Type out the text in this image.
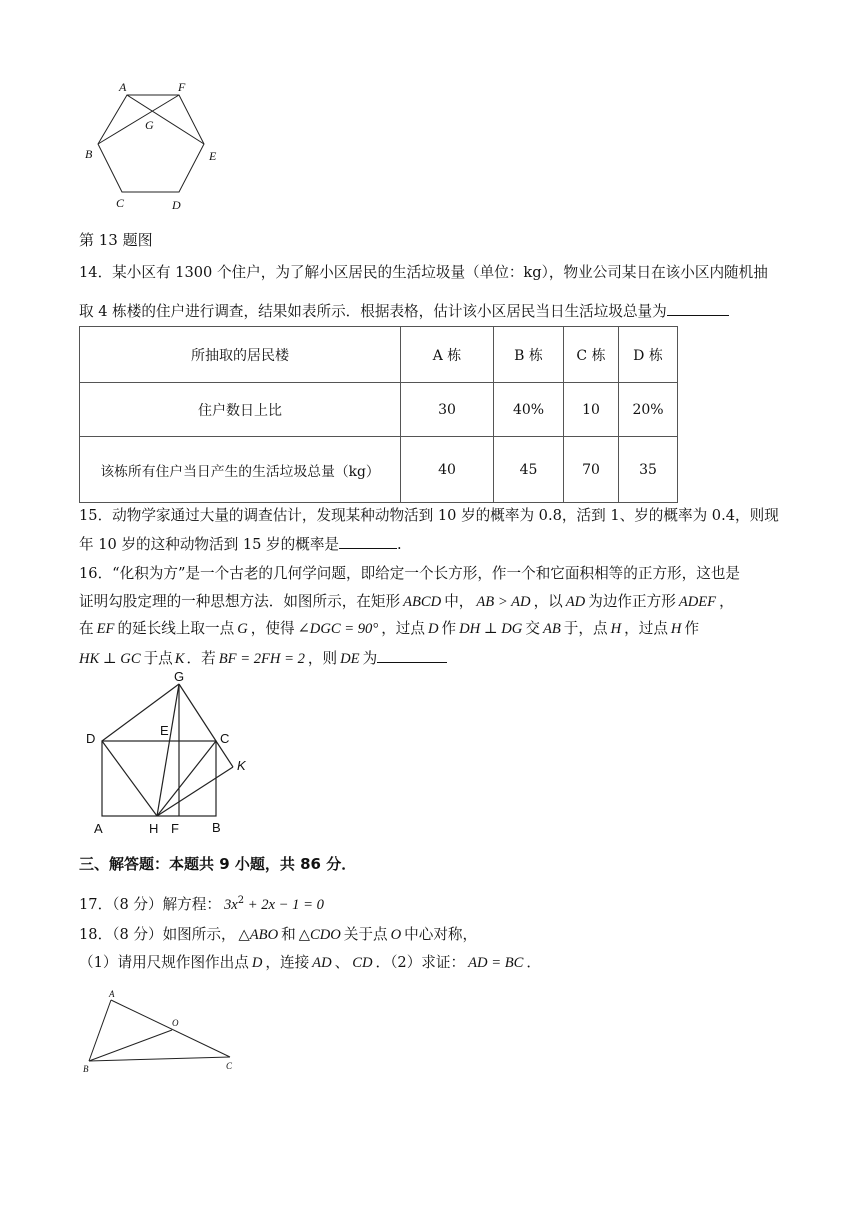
A	F
G
B	E
C	D
第 13 题图
14．某小区有 1300 个住户，为了解小区居民的生活垃圾量（单位：kg），物业公司某日在该小区内随机抽
取 4 栋楼的住户进行调查，结果如表所示．根据表格，估计该小区居民当日生活垃圾总量为
所抽取的居民楼	A 栋	B 栋	C 栋	D 栋
住户数日上比	30	40%	10	20%
该栋所有住户当日产生的生活垃圾总量（kg）	40	45	70	35
15．动物学家通过大量的调查估计，发现某种动物活到 10 岁的概率为 0.8，活到 1、岁的概率为 0.4，则现
年 10 岁的这种动物活到 15 岁的概率是	.
16．“化积为方”是一个古老的几何学问题，即给定一个长方形，作一个和它面积相等的正方形，这也是
证明勾股定理的一种思想方法．如图所示，在矩形 ABCD 中， AB > AD ，以 AD 为边作正方形 ADEF ，
在 EF 的延长线上取一点 G ，使得 ∠DGC = 90° ，过点 D 作 DH ⊥ DG 交 AB 于，点 H ，过点 H 作
HK ⊥ GC 于点 K ．若 BF = 2FH = 2 ，则 DE 为
G
E
D	C
K
A	H F	B
三、解答题：本题共 9 小题，共 86 分．
17．（8 分）解方程： $3x^2 + 2x - 1 = 0$
18．（8 分）如图所示， △ABO 和 △CDO 关于点 O 中心对称，
（1）请用尺规作图作出点 D ，连接 AD 、 CD ．（2）求证： AD = BC ．
A
O
B	C
